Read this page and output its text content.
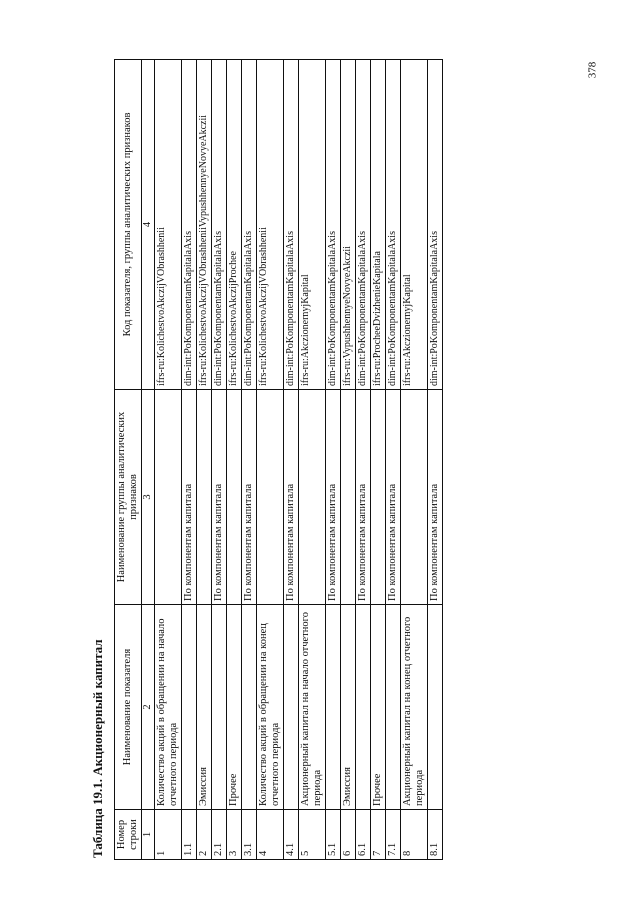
378
Таблица 19.1. Акционерный капитал Номер строки	Наименование показателя	Наименование группы аналитических признаков	Код показателя, группы аналитических признаков
1	2	3	4
1	Количество акций в обращении на начало отчетного периода		ifrs-ru:KolichestvoAkczijVObrashhenii
1.1		По компонентам капитала	dim-int:PoKomponentamKapitalaAxis
2	Эмиссия		ifrs-ru:KolichestvoAkczijVObrashheniiVypushhennyeNovyeAkczii
2.1		По компонентам капитала	dim-int:PoKomponentamKapitalaAxis
3	Прочее		ifrs-ru:KolichestvoAkczijProchee
3.1		По компонентам капитала	dim-int:PoKomponentamKapitalaAxis
4	Количество акций в обращении на конец отчетного периода		ifrs-ru:KolichestvoAkczijVObrashhenii
4.1		По компонентам капитала	dim-int:PoKomponentamKapitalaAxis
5	Акционерный капитал на начало отчетного периода		ifrs-ru:AkczionernyjKapital
5.1		По компонентам капитала	dim-int:PoKomponentamKapitalaAxis
6	Эмиссия		ifrs-ru:VypushhennyeNovyeAkczii
6.1		По компонентам капитала	dim-int:PoKomponentamKapitalaAxis
7	Прочее		ifrs-ru:ProcheeDvizhenieKapitala
7.1		По компонентам капитала	dim-int:PoKomponentamKapitalaAxis
8	Акционерный капитал на конец отчетного периода		ifrs-ru:AkczionernyjKapital
8.1		По компонентам капитала	dim-int:PoKomponentamKapitalaAxis
